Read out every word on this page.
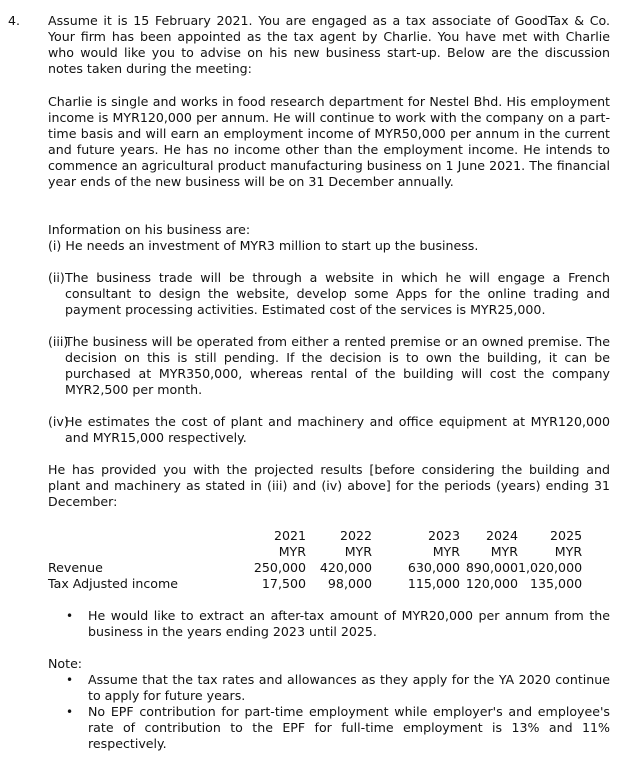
4. Assume it is 15 February 2021. You are engaged as a tax associate of GoodTax & Co. Your firm has been appointed as the tax agent by Charlie. You have met with Charlie who would like you to advise on his new business start-up. Below are the discussion notes taken during the meeting:

Charlie is single and works in food research department for Nestel Bhd. His employment income is MYR120,000 per annum. He will continue to work with the company on a part-time basis and will earn an employment income of MYR50,000 per annum in the current and future years. He has no income other than the employment income. He intends to commence an agricultural product manufacturing business on 1 June 2021. The financial year ends of the new business will be on 31 December annually.

Information on his business are:

(i) He needs an investment of MYR3 million to start up the business.
(ii) The business trade will be through a website in which he will engage a French consultant to design the website, develop some Apps for the online trading and payment processing activities. Estimated cost of the services is MYR25,000.
(iii)
The business will be operated from either a rented premise or an owned premise. The decision on this is still pending. If the decision is to own the building, it can be purchased at MYR350,000, whereas rental of the building will cost the company MYR2,500 per month.
(iv)
He estimates the cost of plant and machinery and office equipment at MYR120,000 and MYR15,000 respectively.

He has provided you with the projected results [before considering the building and plant and machinery as stated in (iii) and (iv) above] for the periods (years) ending 31 December:

	2021	2022	2023	2024	2025
	MYR	MYR	MYR	MYR	MYR
Revenue	250,000	420,000	630,000	890,000	1,020,000
Tax Adjusted income	17,500	98,000	115,000	120,000	135,000
• He would like to extract an after-tax amount of MYR20,000 per annum from the business in the years ending 2023 until 2025.
Note:
• Assume that the tax rates and allowances as they apply for the YA 2020 continue to apply for future years.
• No EPF contribution for part-time employment while employer's and employee's rate of contribution to the EPF for full-time employment is 13% and 11% respectively.
